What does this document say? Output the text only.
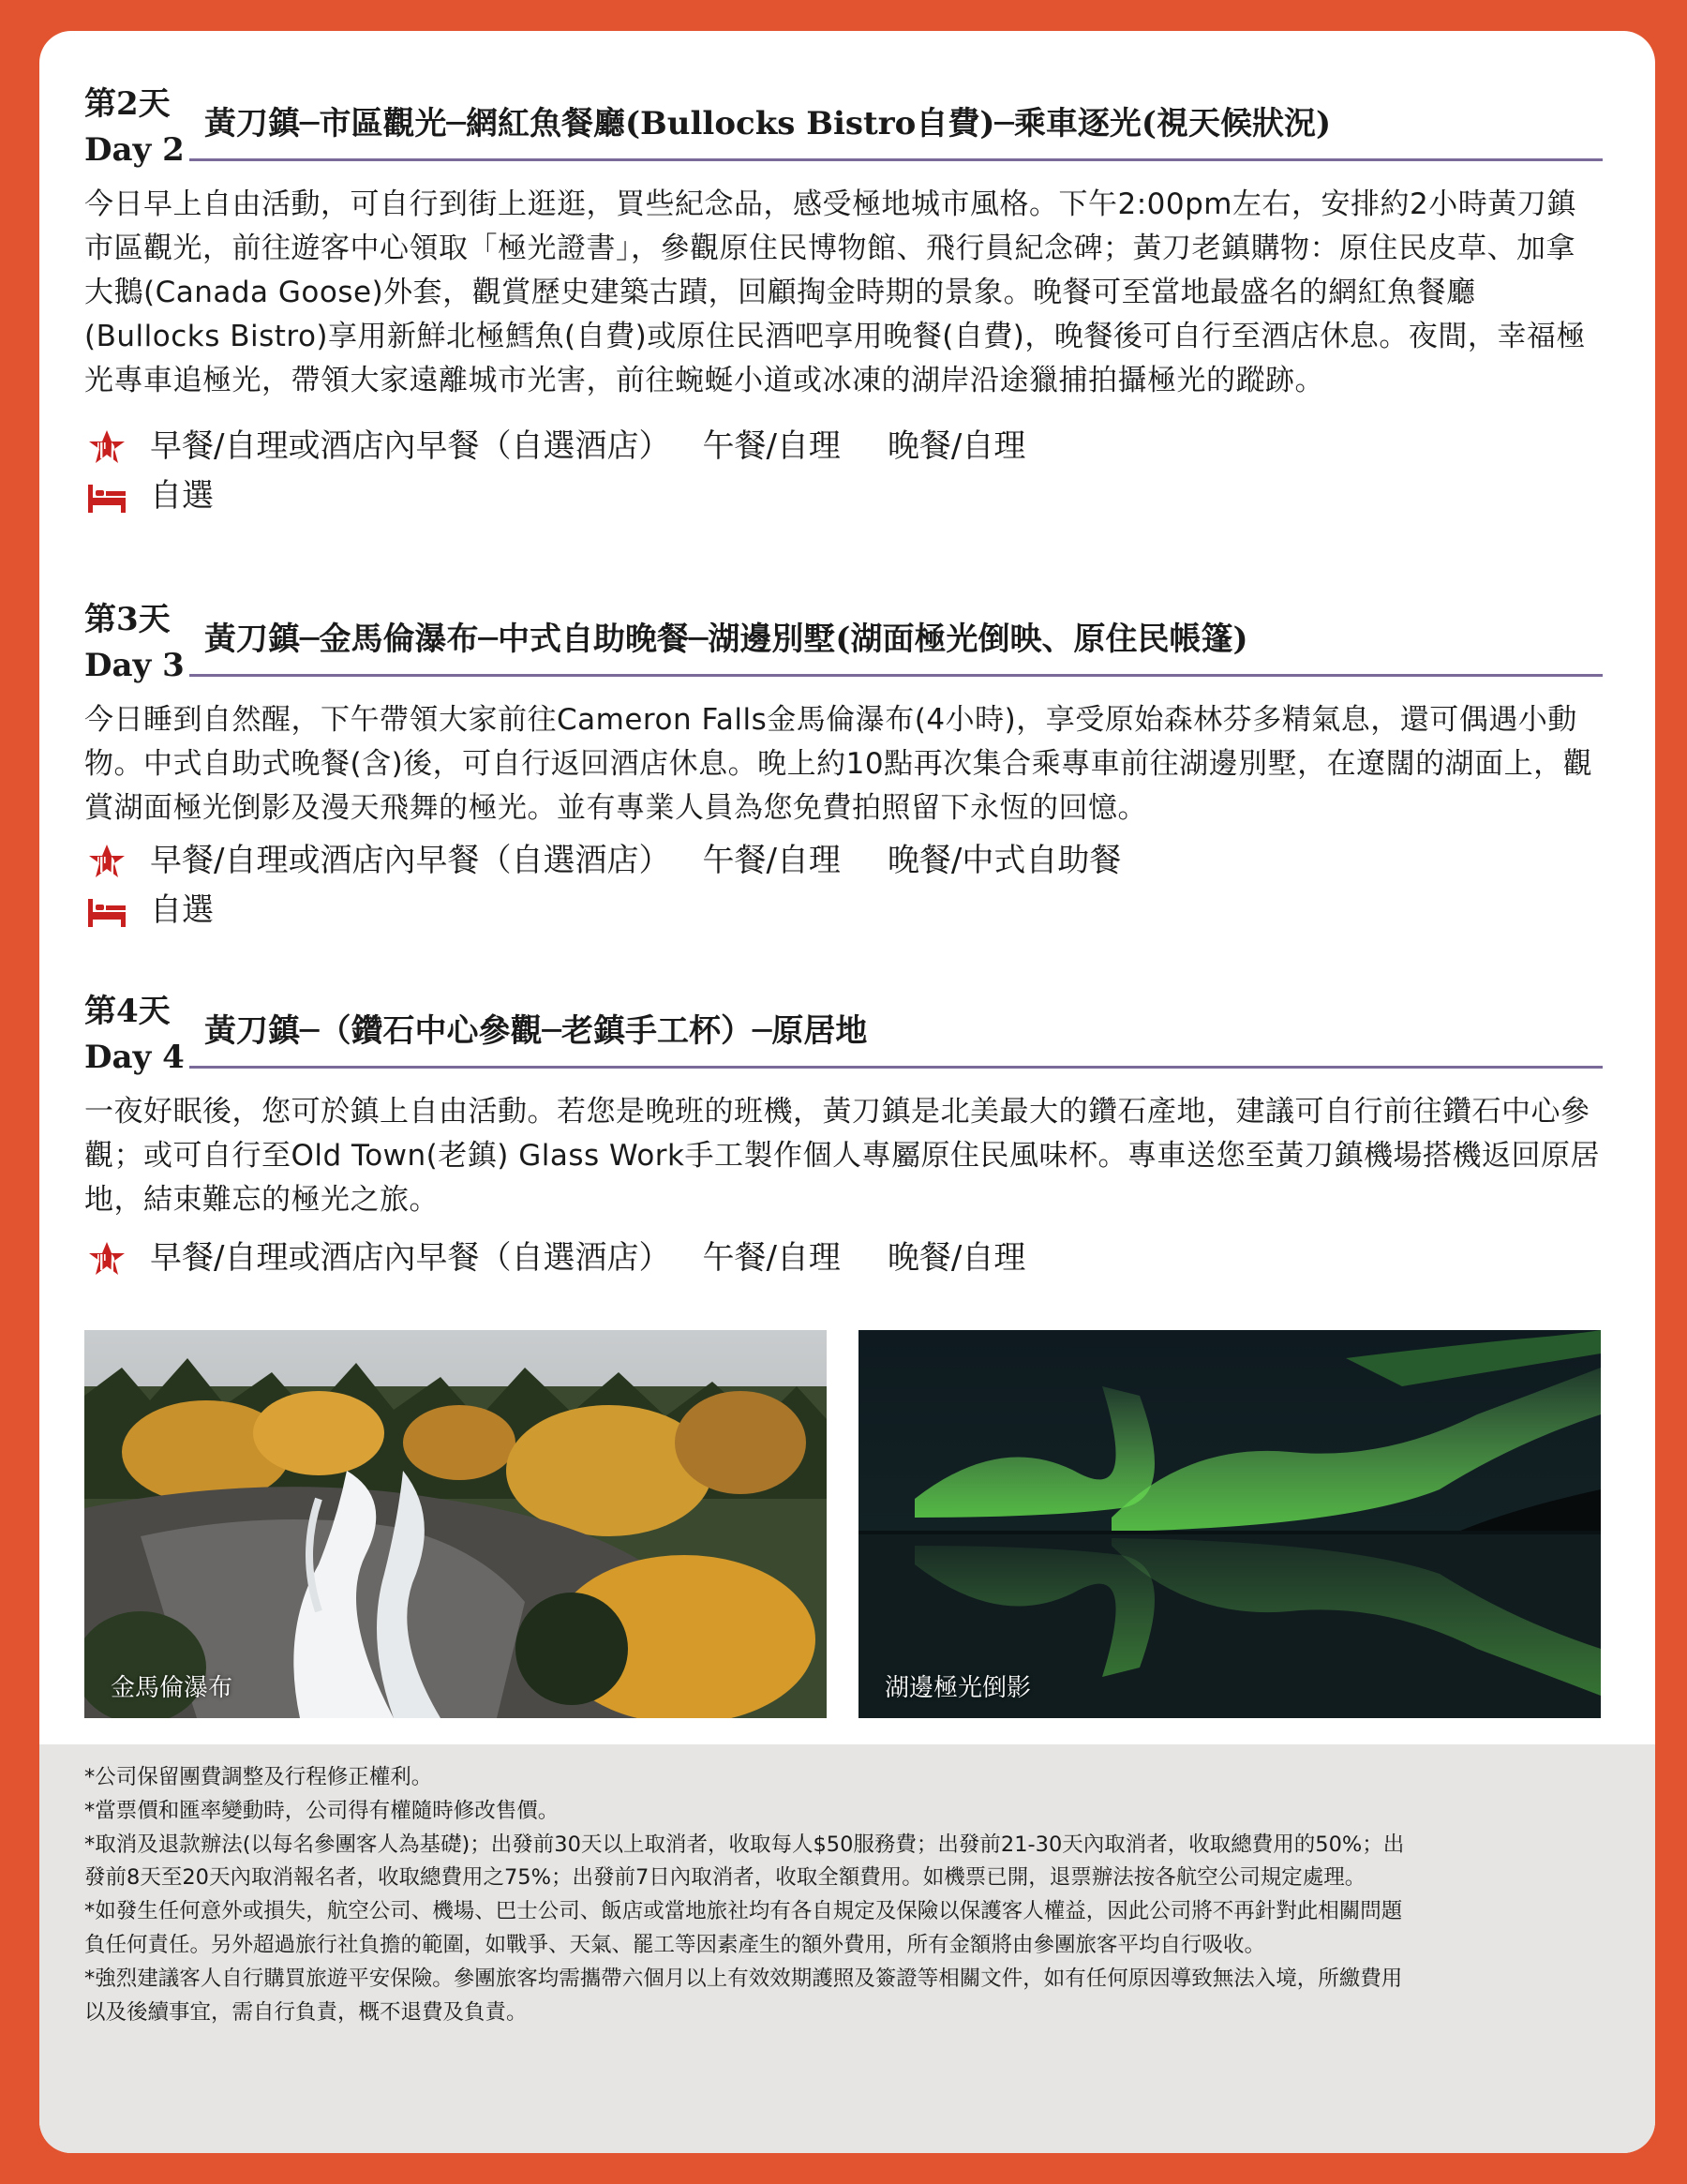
第2天
Day 2
黃刀鎮─市區觀光─網紅魚餐廳(Bullocks Bistro自費)─乘車逐光(視天候狀況)

今日早上自由活動，可自行到街上逛逛，買些紀念品，感受極地城市風格。下午2:00pm左右，安排約2小時黃刀鎮市區觀光，前往遊客中心領取「極光證書」，參觀原住民博物館、飛行員紀念碑；黃刀老鎮購物：原住民皮草、加拿大鵝(Canada Goose)外套，觀賞歷史建築古蹟，回顧掏金時期的景象。晚餐可至當地最盛名的網紅魚餐廳(Bullocks Bistro)享用新鮮北極鱈魚(自費)或原住民酒吧享用晚餐(自費)，晚餐後可自行至酒店休息。夜間，幸福極光專車追極光，帶領大家遠離城市光害，前往蜿蜒小道或冰凍的湖岸沿途獵捕拍攝極光的蹤跡。

早餐/自理或酒店內早餐（自選酒店） 午餐/自理 晚餐/自理
自選
第3天
Day 3
黃刀鎮─金馬倫瀑布─中式自助晚餐─湖邊別墅(湖面極光倒映、原住民帳篷)

今日睡到自然醒，下午帶領大家前往Cameron Falls金馬倫瀑布(4小時)，享受原始森林芬多精氣息，還可偶遇小動物。中式自助式晚餐(含)後，可自行返回酒店休息。晚上約10點再次集合乘專車前往湖邊別墅，在遼闊的湖面上，觀賞湖面極光倒影及漫天飛舞的極光。並有專業人員為您免費拍照留下永恆的回憶。

早餐/自理或酒店內早餐（自選酒店） 午餐/自理 晚餐/中式自助餐
自選
第4天
Day 4
黃刀鎮─（鑽石中心參觀─老鎮手工杯）─原居地

一夜好眠後，您可於鎮上自由活動。若您是晚班的班機，黃刀鎮是北美最大的鑽石產地，建議可自行前往鑽石中心參觀；或可自行至Old Town(老鎮) Glass Work手工製作個人專屬原住民風味杯。專車送您至黃刀鎮機場搭機返回原居地，結束難忘的極光之旅。

早餐/自理或酒店內早餐（自選酒店） 午餐/自理 晚餐/自理
金馬倫瀑布	湖邊極光倒影

*公司保留團費調整及行程修正權利。

*當票價和匯率變動時，公司得有權隨時修改售價。

*取消及退款辦法(以每名參團客人為基礎)；出發前30天以上取消者，收取每人$50服務費；出發前21-30天內取消者，收取總費用的50%；出發前8天至20天內取消報名者，收取總費用之75%；出發前7日內取消者，收取全額費用。如機票已開，退票辦法按各航空公司規定處理。

*如發生任何意外或損失，航空公司、機場、巴士公司、飯店或當地旅社均有各自規定及保險以保護客人權益，因此公司將不再針對此相關問題負任何責任。另外超過旅行社負擔的範圍，如戰爭、天氣、罷工等因素產生的額外費用，所有金額將由參團旅客平均自行吸收。

*強烈建議客人自行購買旅遊平安保險。參團旅客均需攜帶六個月以上有效效期護照及簽證等相關文件，如有任何原因導致無法入境，所繳費用以及後續事宜，需自行負責，概不退費及負責。
